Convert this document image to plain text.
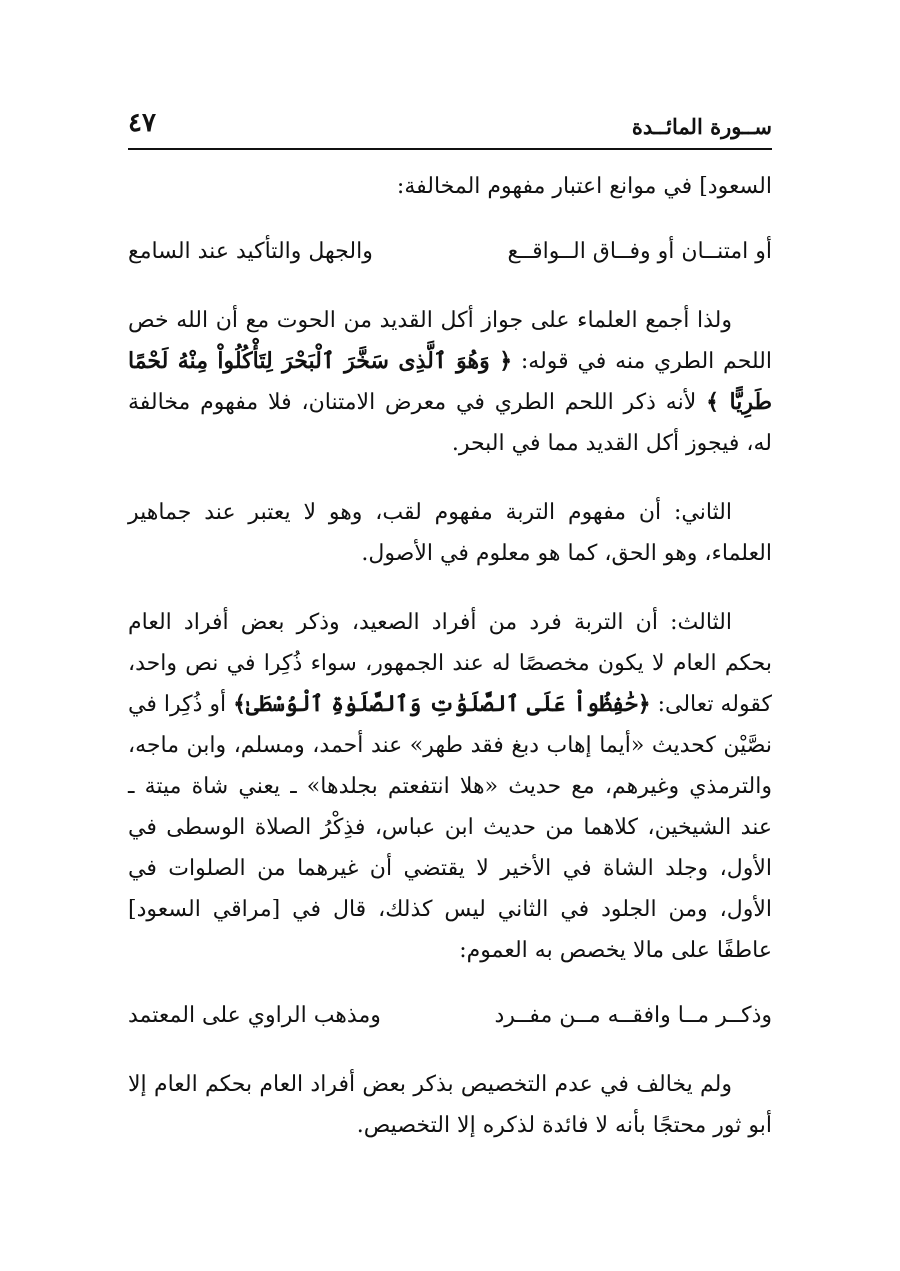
ســورة المائــدة
٤٧

السعود] في موانع اعتبار مفهوم المخالفة:

أو امتنــان أو وفــاق الــواقــع
والجهل والتأكيد عند السامع

ولذا أجمع العلماء على جواز أكل القديد من الحوت مع أن الله خص اللحم الطري منه في قوله: ﴿ وَهُوَ ٱلَّذِى سَخَّرَ ٱلْبَحْرَ لِتَأْكُلُواْ مِنْهُ لَحْمًا طَرِيًّا ﴾ لأنه ذكر اللحم الطري في معرض الامتنان، فلا مفهوم مخالفة له، فيجوز أكل القديد مما في البحر.

الثاني: أن مفهوم التربة مفهوم لقب، وهو لا يعتبر عند جماهير العلماء، وهو الحق، كما هو معلوم في الأصول.

الثالث: أن التربة فرد من أفراد الصعيد، وذكر بعض أفراد العام بحكم العام لا يكون مخصصًا له عند الجمهور، سواء ذُكِرا في نص واحد، كقوله تعالى: ﴿حَٰفِظُواْ عَلَى ٱلصَّلَوَٰتِ وَٱلصَّلَوٰةِ ٱلْوُسْطَىٰ﴾ أو ذُكِرا في نصَّيْن كحديث «أيما إهاب دبغ فقد طهر» عند أحمد، ومسلم، وابن ماجه، والترمذي وغيرهم، مع حديث «هلا انتفعتم بجلدها» ـ يعني شاة ميتة ـ عند الشيخين، كلاهما من حديث ابن عباس، فذِكْرُ الصلاة الوسطى في الأول، وجلد الشاة في الأخير لا يقتضي أن غيرهما من الصلوات في الأول، ومن الجلود في الثاني ليس كذلك، قال في [مراقي السعود] عاطفًا على مالا يخصص به العموم:

وذكــر مــا وافقــه مــن مفــرد
ومذهب الراوي على المعتمد

ولم يخالف في عدم التخصيص بذكر بعض أفراد العام بحكم العام إلا أبو ثور محتجًا بأنه لا فائدة لذكره إلا التخصيص.
